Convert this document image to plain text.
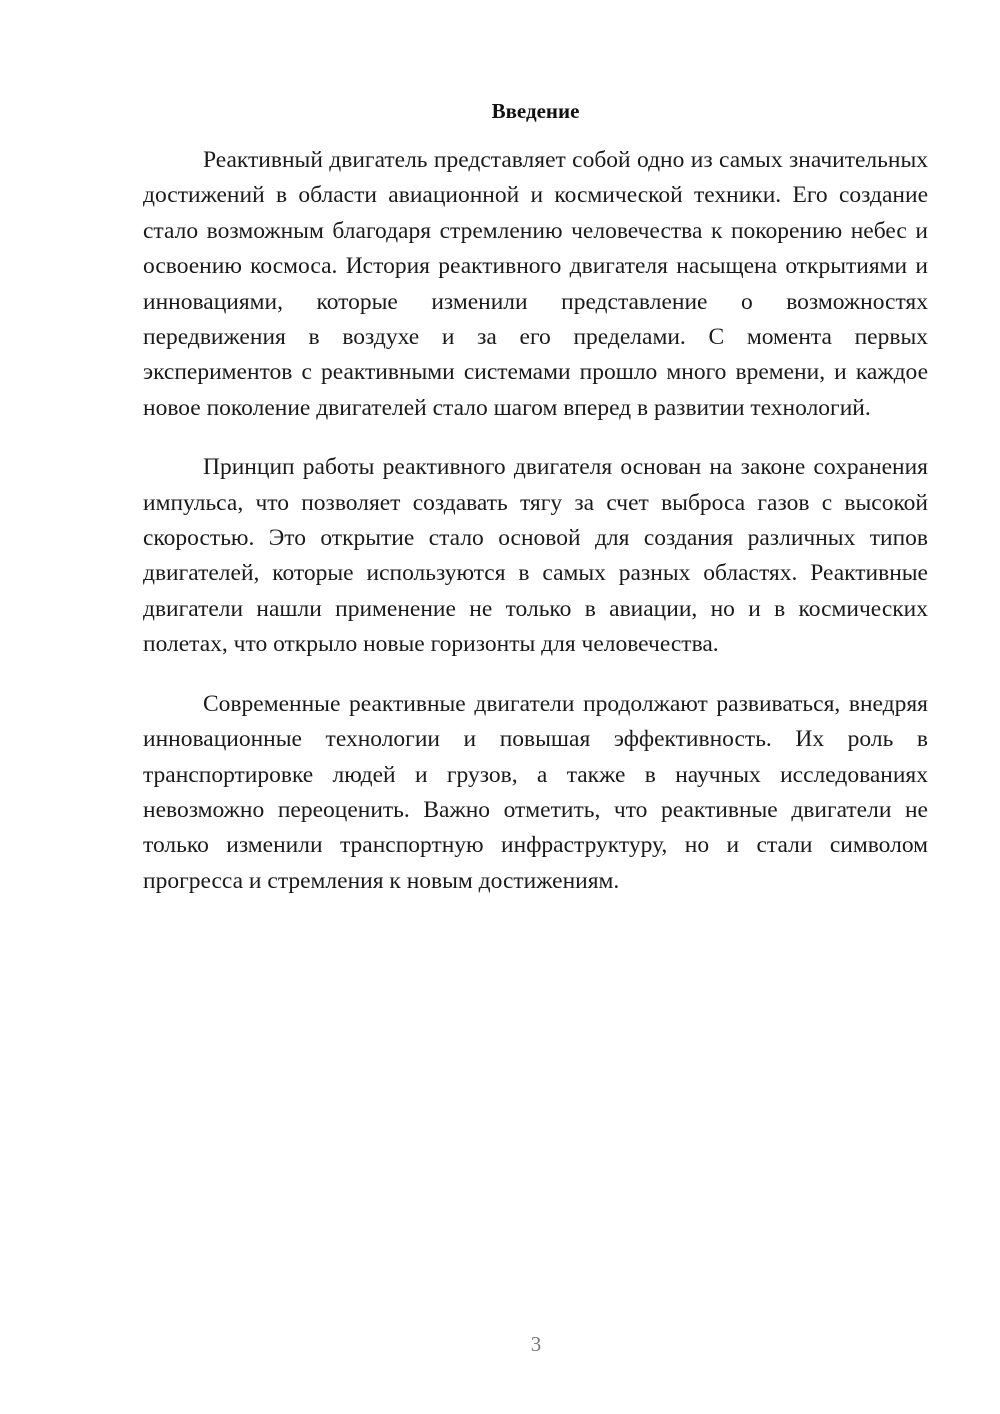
Введение

Реактивный двигатель представляет собой одно из самых значительных достижений в области авиационной и космической техники. Его создание стало возможным благодаря стремлению человечества к покорению небес и освоению космоса. История реактивного двигателя насыщена открытиями и инновациями, которые изменили представление о возможностях передвижения в воздухе и за его пределами. С момента первых экспериментов с реактивными системами прошло много времени, и каждое новое поколение двигателей стало шагом вперед в развитии технологий.

Принцип работы реактивного двигателя основан на законе сохранения импульса, что позволяет создавать тягу за счет выброса газов с высокой скоростью. Это открытие стало основой для создания различных типов двигателей, которые используются в самых разных областях. Реактивные двигатели нашли применение не только в авиации, но и в космических полетах, что открыло новые горизонты для человечества.

Современные реактивные двигатели продолжают развиваться, внедряя инновационные технологии и повышая эффективность. Их роль в транспортировке людей и грузов, а также в научных исследованиях невозможно переоценить. Важно отметить, что реактивные двигатели не только изменили транспортную инфраструктуру, но и стали символом прогресса и стремления к новым достижениям.

3
